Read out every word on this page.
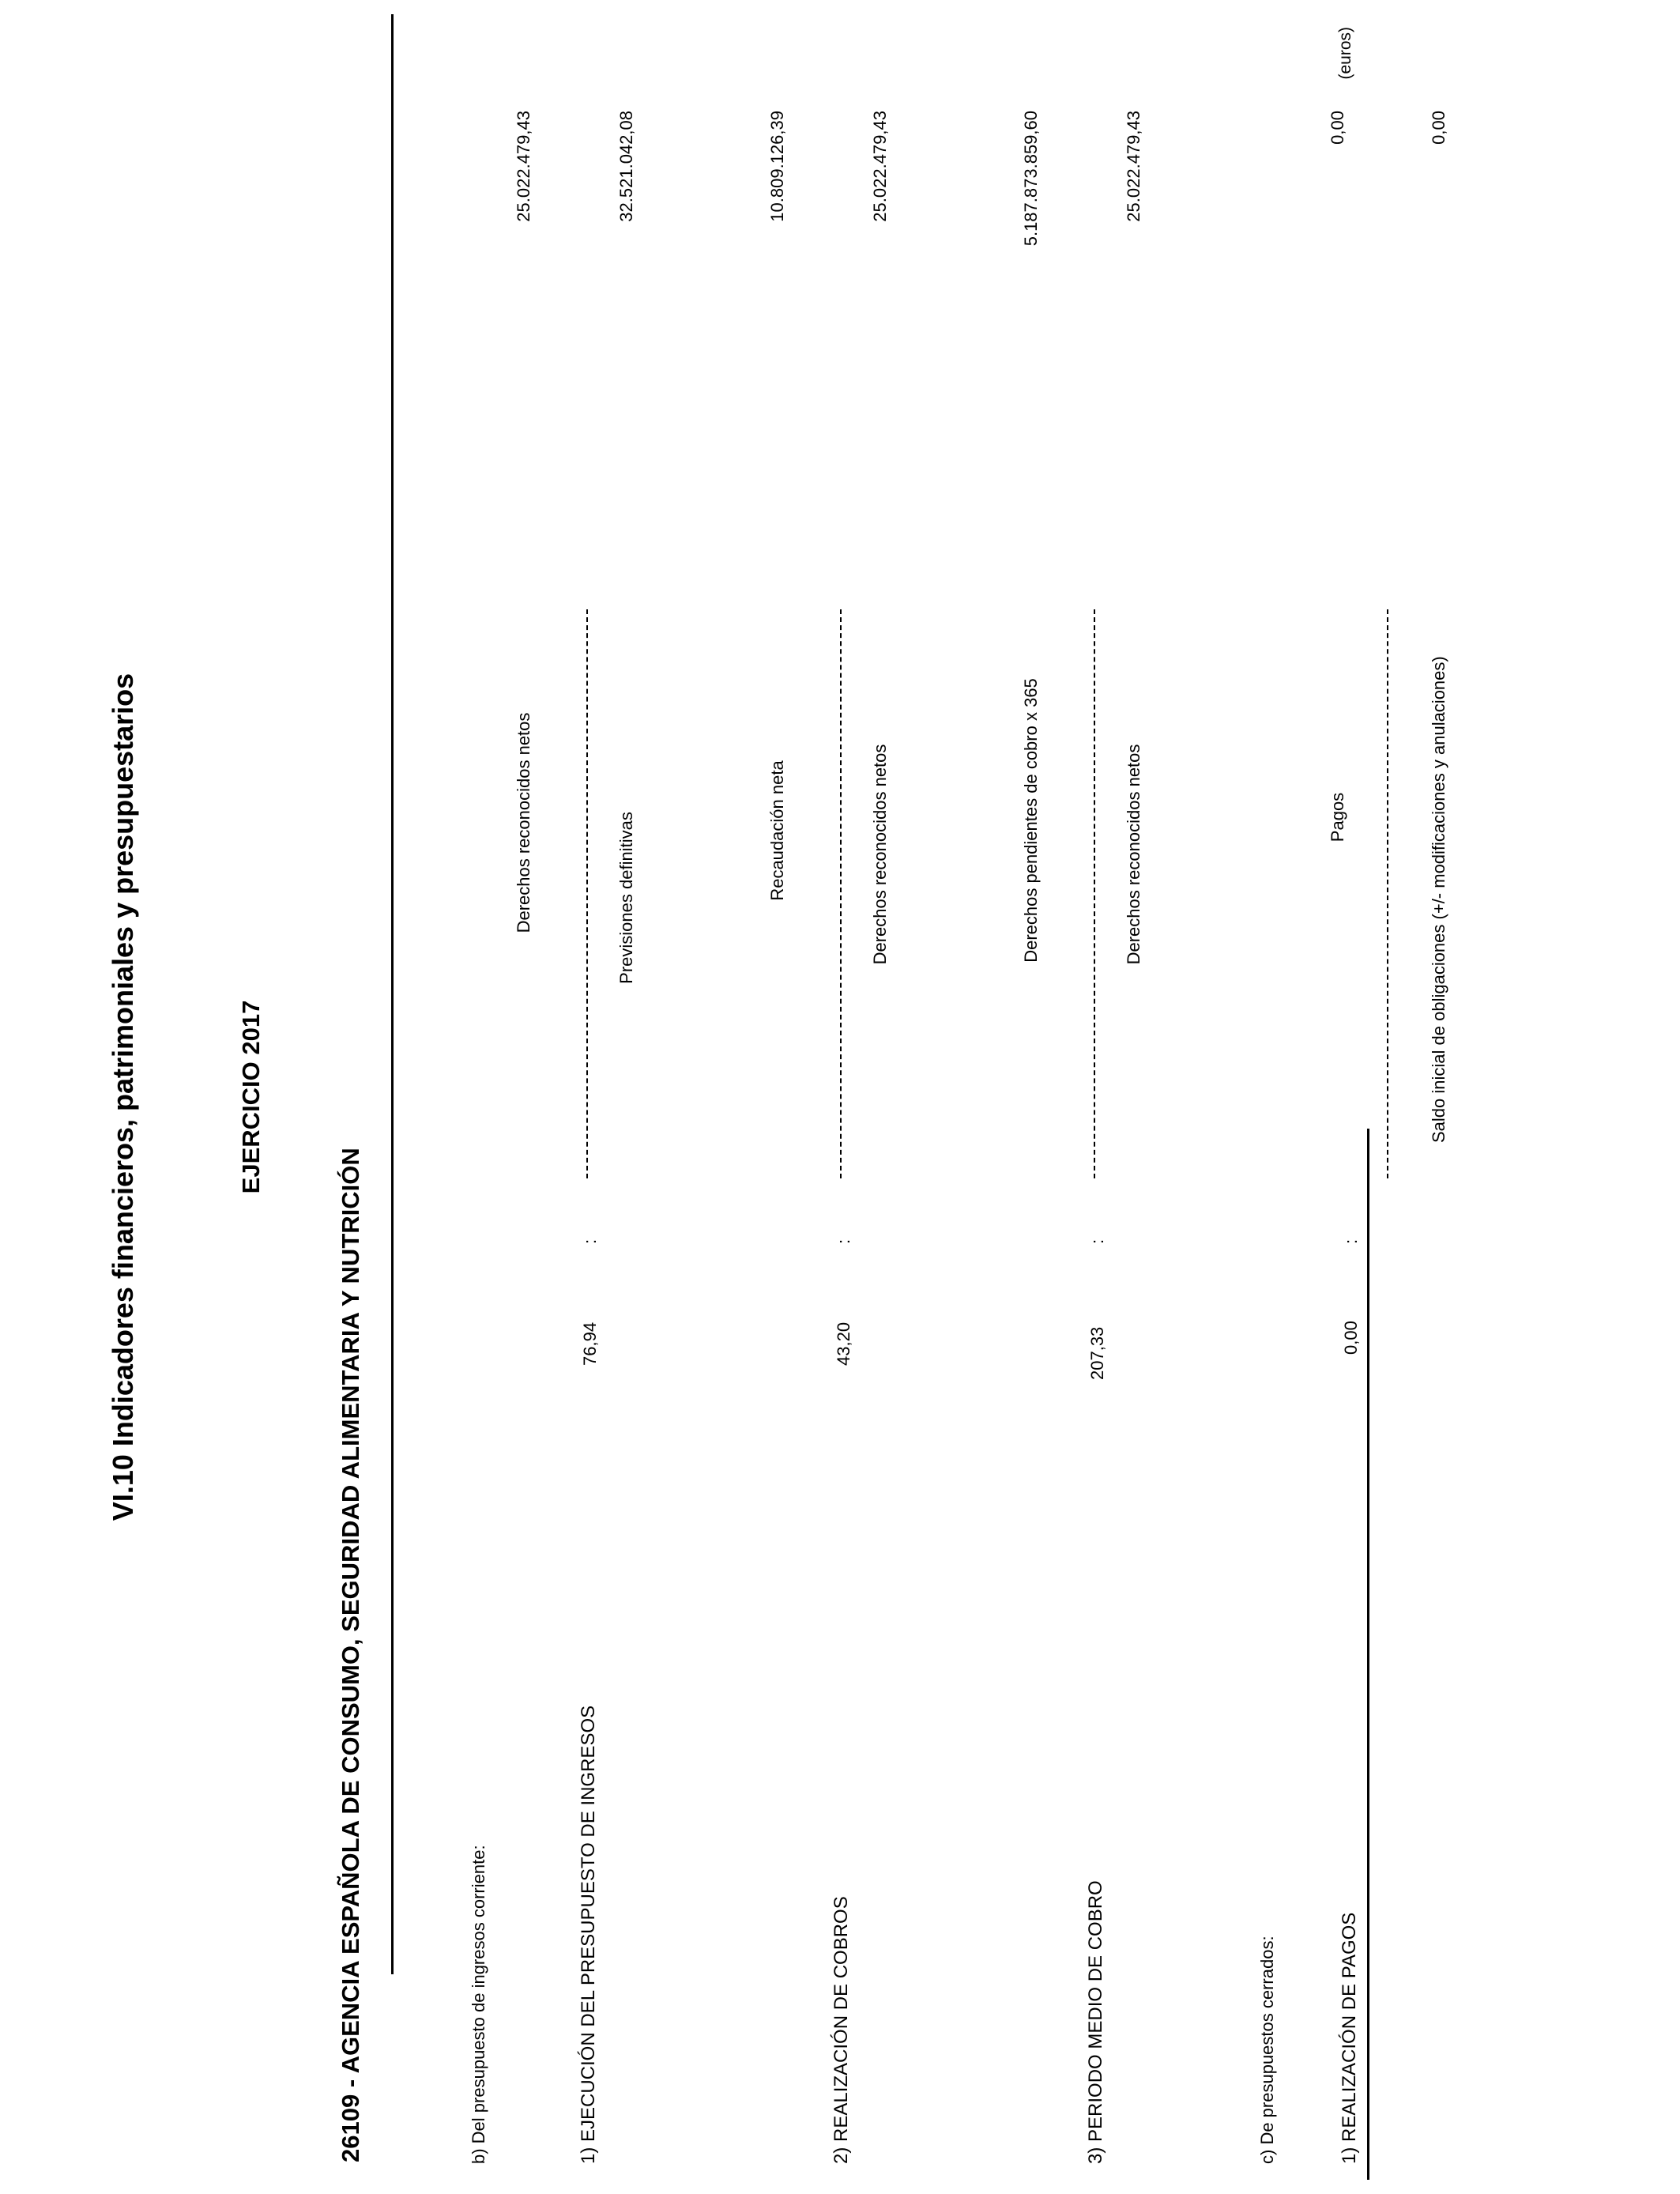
VI.10 Indicadores financieros, patrimoniales y presupuestarios	EJERCICIO 2017
26109 - AGENCIA ESPAÑOLA DE CONSUMO, SEGURIDAD ALIMENTARIA Y NUTRICIÓN
(euros)
b) Del presupuesto de ingresos corriente:	1) EJECUCIÓN DEL PRESUPUESTO DE INGRESOS
76,94
:
Derechos reconocidos netos	Previsiones definitivas
25.022.479,43	32.521.042,08
2) REALIZACIÓN DE COBROS
43,20
:
Recaudación neta	Derechos reconocidos netos
10.809.126,39	25.022.479,43
3) PERIODO MEDIO DE COBRO
207,33
:
Derechos pendientes de cobro x 365	Derechos reconocidos netos
5.187.873.859,60	25.022.479,43
c) De presupuestos cerrados:	1) REALIZACIÓN DE PAGOS
0,00
:
Pagos	Saldo inicial de obligaciones (+/- modificaciones y anulaciones)
0,00	0,00
